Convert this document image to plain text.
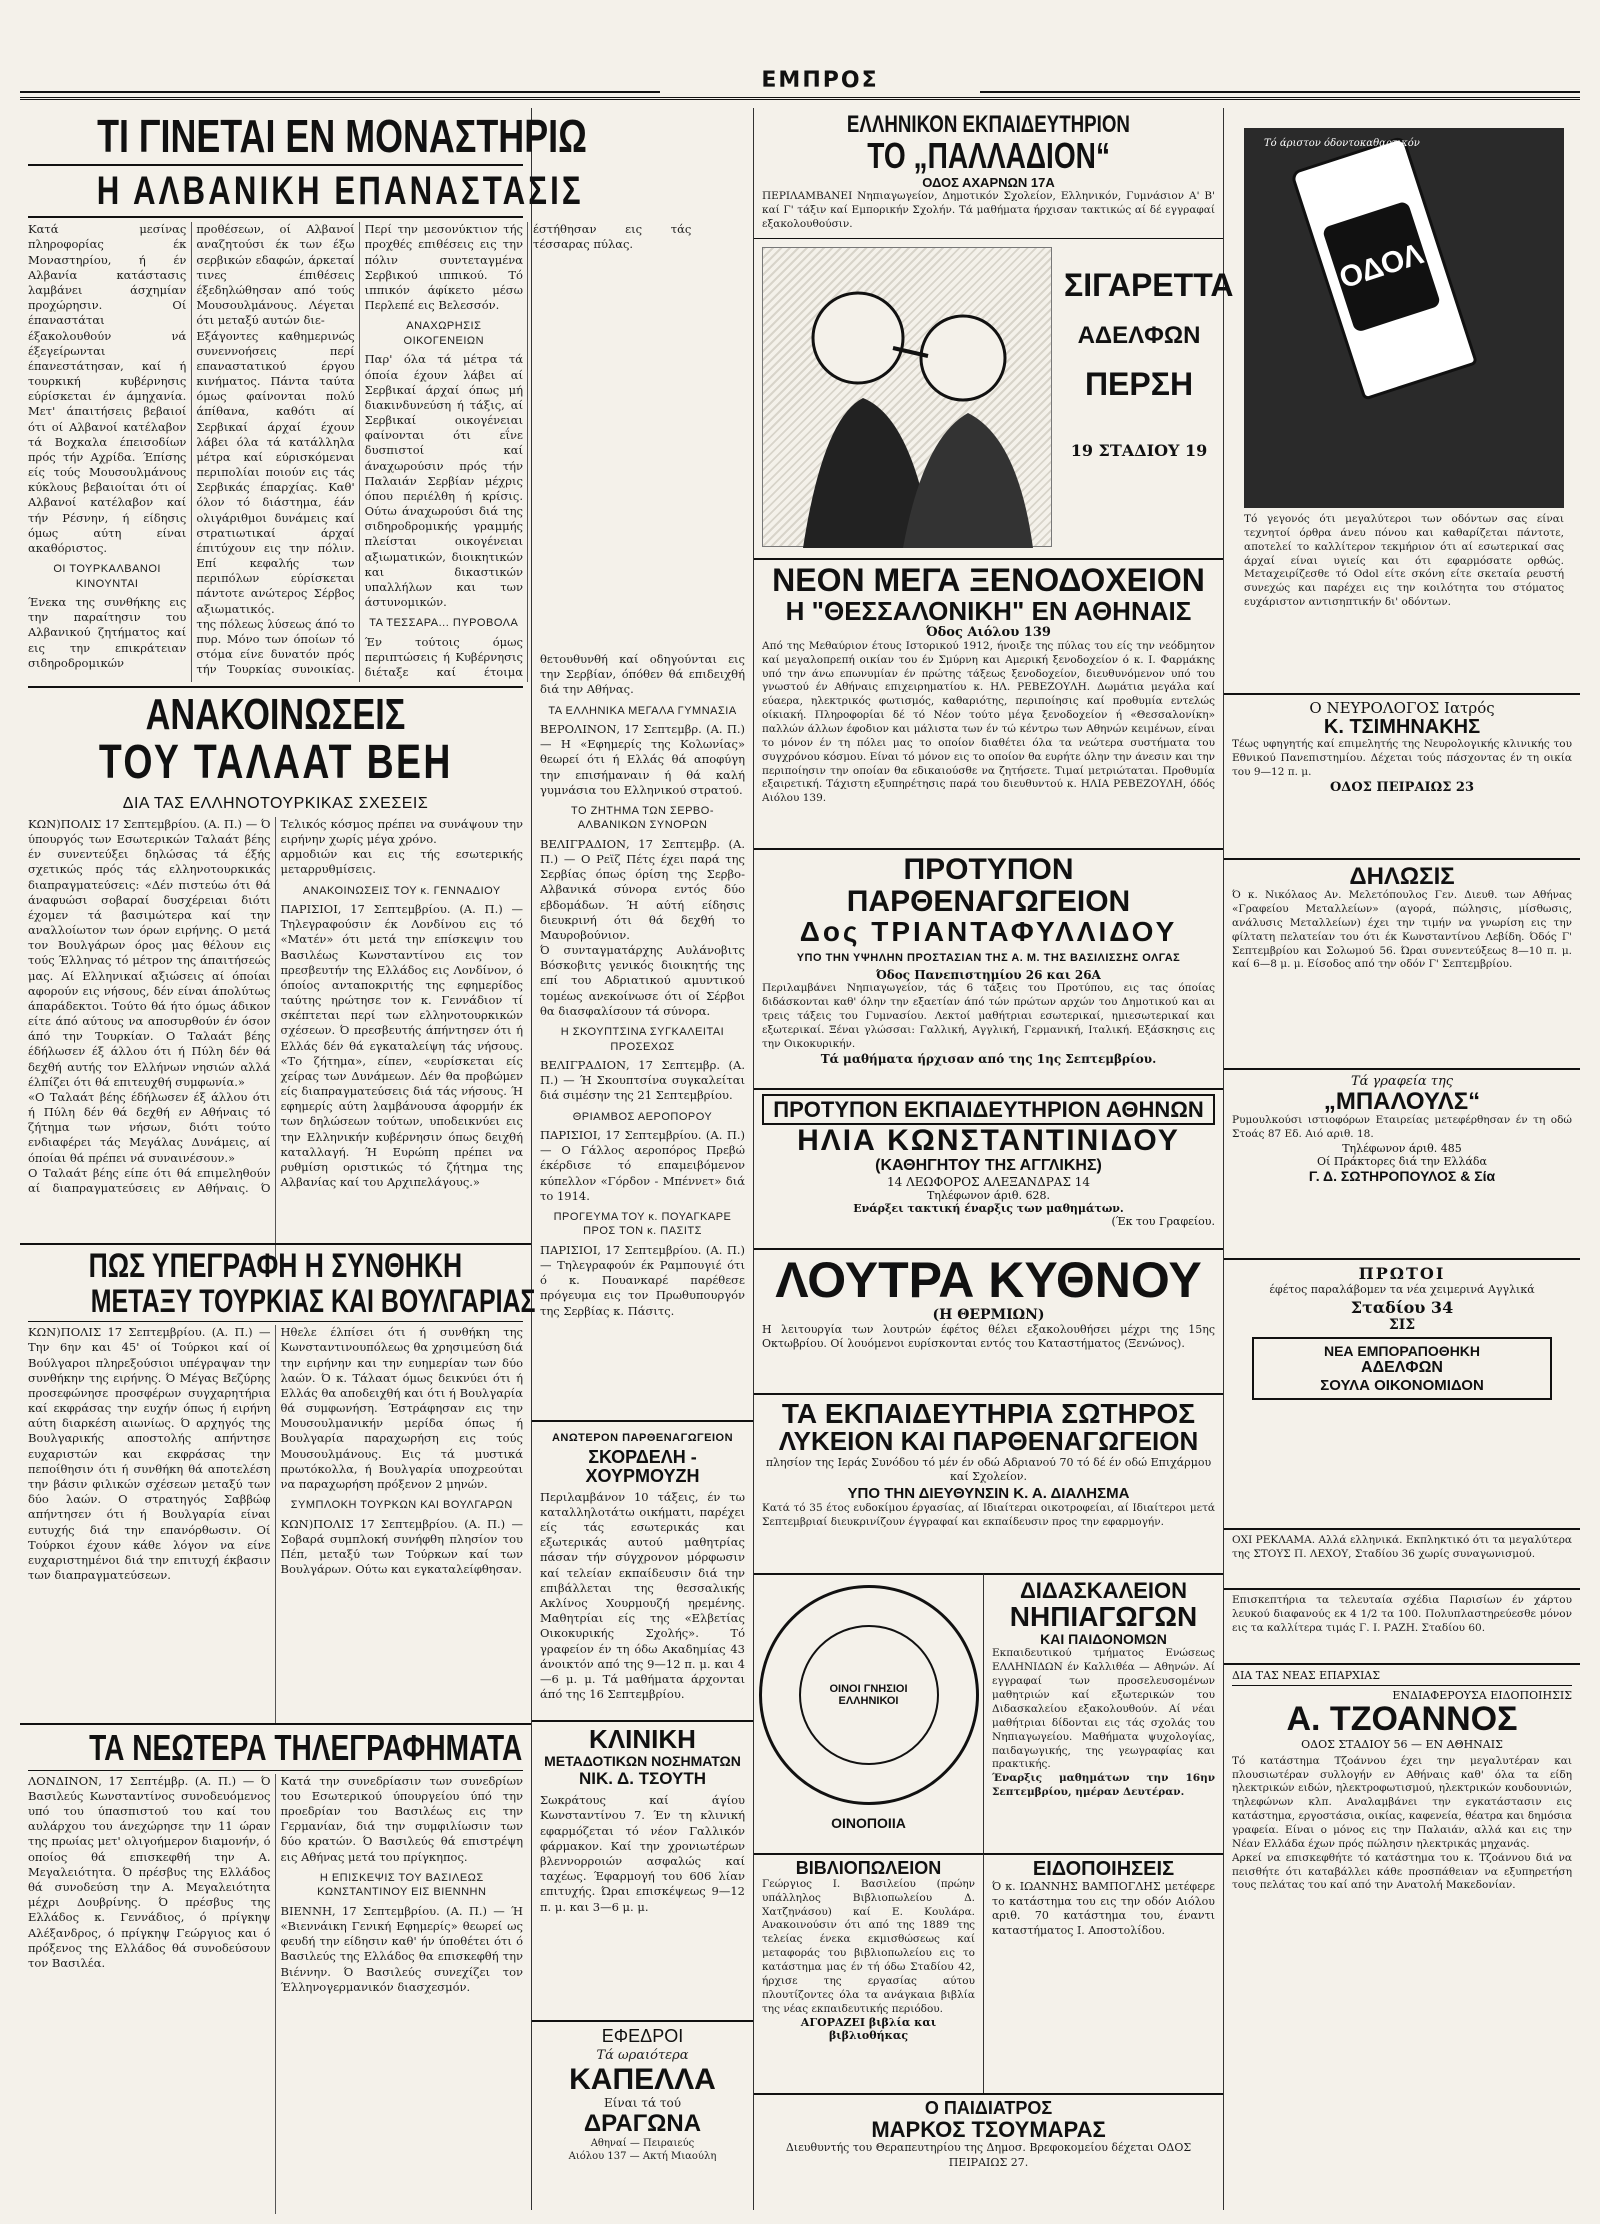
ΕΜΠΡΟΣ
ΤΙ ΓΙΝΕΤΑΙ ΕΝ ΜΟΝΑΣΤΗΡΙΩ
Η ΑΛΒΑΝΙΚΗ ΕΠΑΝΑΣΤΑΣΙΣ

Κατά μεσίνας πληροφορίας έκ Μοναστηρίου, ή έν Αλβανία κατάστασις λαμβάνει άσχημίαν προχώρησιν. Οί έπαναστάται έξακολουθούν νά έξεγείρωνται έπανεστάτησαν, καί ή τουρκική κυβέρνησις εύρίσκεται έν άμηχανία. Μετ' άπαιτήσεις βεβαιοί ότι οί Αλβανοί κατέλαβον τά Βοχκαλα έπεισοδίων πρός τήν Αχρίδα. Έπίσης είς τούς Μουσουλμάνους κύκλους βεβαιοίται ότι οί Αλβανοί κατέλαβον καί τήν Ρέσνην, ή είδησις όμως αύτη είναι ακαθόριστος.

ΟΙ ΤΟΥΡΚΑΛΒΑΝΟΙ ΚΙΝΟΥΝΤΑΙ

Ένεκα της συνθήκης εις την παραίτησιν του Αλβανικού ζητήματος καί εις την επικράτειαν σιδηροδρομικών προθέσεων, οί Αλβανοί αναζητούσι έκ των έξω σερβικών εδαφών, άρκεταί τινες έπιθέσεις έξεδηλώθησαν από τούς Μουσουλμάνους. Λέγεται ότι μεταξύ αυτών διε-

Εξάγοντες καθημερινώς συνεννοήσεις περί επαναστατικού έργου κινήματος. Πάντα ταύτα όμως φαίνονται πολύ άπίθανα, καθότι αί Σερβικαί άρχαί έχουν λάβει όλα τά κατάλληλα μέτρα καί εύρισκόμεναι περιπολίαι ποιούν εις τάς Σερβικάς έπαρχίας. Καθ' όλον τό διάστημα, έάν ολιγάριθμοι δυνάμεις καί στρατιωτικαί άρχαί έπιτύχουν εις την πόλιν. Επί κεφαλής των περιπόλων εύρίσκεται πάντοτε ανώτερος Σέρβος αξιωματικός.

της πόλεως λύσεως άπό το πυρ. Μόνο των όποίων τό στόμα είνε δυνατόν πρός τήν Τουρκίας συνοικίας. Περί την μεσονύκτιον τής προχθές επιθέσεις εις την πόλιν συντεταγμένα Σερβικού ιππικού. Τό ιππικόν άφίκετο μέσω Περλεπέ εις Βελεσσόν.

ΑΝΑΧΩΡΗΣΙΣ ΟΙΚΟΓΕΝΕΙΩΝ

Παρ' όλα τά μέτρα τά όποία έχουν λάβει αί Σερβικαί άρχαί όπως μή διακινδυνεύση ή τάξις, αί Σερβικαί οικογένειαι φαίνονται ότι εΐνε δυσπιστοί καί άναχωρούσιν πρός τήν Παλαιάν Σερβίαν μέχρις όπου περιέλθη ή κρίσις. Ούτω άναχωρούσι διά της σιδηροδρομικής γραμμής πλείσται οικογένειαι αξιωματικών, διοικητικών και δικαστικών υπαλλήλων και των άστυνομικών.

ΤΑ ΤΕΣΣΑΡΑ... ΠΥΡΟΒΟΛΑ

Έν τούτοις όμως περιπτώσεις ή Κυβέρνησις διέταξε καί έτοιμα έστήθησαν εις τάς τέσσαρας πύλας.

ΑΝΑΚΟΙΝΩΣΕΙΣ
ΤΟΥ ΤΑΛΑΑΤ ΒΕΗ
ΔΙΑ ΤΑΣ ΕΛΛΗΝΟΤΟΥΡΚΙΚΑΣ ΣΧΕΣΕΙΣ

ΚΩΝ)ΠΟΛΙΣ 17 Σεπτεμβρίου. (Α. Π.) — Ό ύπουργός των Εσωτερικών Ταλαάτ βέης έν συνεντεύξει δηλώσας τά έξής σχετικώς πρός τάς ελληνοτουρκικάς διαπραγματεύσεις: «Δέν πιστεύω ότι θά άναφυώσι σοβαραί δυσχέρειαι διότι έχομεν τά βασιμώτερα καί την αναλλοίωτον των όρων ειρήνης. Ο μετά τον Βουλγάρων όρος μας θέλουν εις τούς Έλληνας τό μέτρον της άπαιτήσεώς μας. Αί Ελληνικαί αξιώσεις αί όποίαι αφορούν εις νήσους, δέν είναι άπολύτως άπαράδεκτοι. Τούτο θά ήτο όμως άδικον είτε άπό αύτους να αποσυρθούν έν όσον άπό την Τουρκίαν. Ο Ταλαάτ βέης έδήλωσεν έξ άλλου ότι ή Πύλη δέν θά δεχθή αυτής τον Ελλήνων νησιών αλλά έλπίζει ότι θά επιτευχθή συμφωνία.»

«Ο Ταλαάτ βέης έδήλωσεν έξ άλλου ότι ή Πύλη δέν θά δεχθή εν Αθήναις τό ζήτημα των νήσων, διότι τούτο ενδιαφέρει τάς Μεγάλας Δυνάμεις, αί όποίαι θά πρέπει νά συναινέσουν.»

Ο Ταλαάτ βέης είπε ότι θά επιμεληθούν αί διαπραγματεύσεις εν Αθήναις. Ό Τελικός κόσμος πρέπει να συνάψουν την ειρήνην χωρίς μέγα χρόνο.

αρμοδιών και εις τής εσωτερικής μεταρρυθμίσεις.

ΑΝΑΚΟΙΝΩΣΕΙΣ ΤΟΥ κ. ΓΕΝΝΑΔΙΟΥ

ΠΑΡΙΣΙΟΙ, 17 Σεπτεμβρίου. (Α. Π.) — Τηλεγραφούσιν έκ Λονδίνου εις τό «Ματέν» ότι μετά την επίσκεψιν του Βασιλέως Κωνσταντίνου εις τον πρεσβευτήν της Ελλάδος εις Λονδίνον, ό όποίος ανταποκριτής της εφημερίδος ταύτης ηρώτησε τον κ. Γεννάδιον τί σκέπτεται περί των ελληνοτουρκικών σχέσεων. Ό πρεσβευτής άπήντησεν ότι ή Ελλάς δέν θά εγκαταλείψη τάς νήσους. «Το ζήτημα», είπεν, «ευρίσκεται είς χείρας των Δυνάμεων. Δέν θα προβώμεν είς διαπραγματεύσεις διά τάς νήσους. Ή εφημερίς αύτη λαμβάνουσα άφορμήν έκ των δηλώσεων τούτων, υποδεικνύει εις την Ελληνικήν κυβέρνησιν όπως δειχθή καταλλαγή. Ή Ευρώπη πρέπει να ρυθμίση οριστικώς τό ζήτημα της Αλβανίας καί του Αρχιπελάγους.»

ΠΩΣ ΥΠΕΓΡΑΦΗ Η ΣΥΝΘΗΚΗ
ΜΕΤΑΞΥ ΤΟΥΡΚΙΑΣ ΚΑΙ ΒΟΥΛΓΑΡΙΑΣ

ΚΩΝ)ΠΟΛΙΣ 17 Σεπτεμβρίου. (Α. Π.) — Την 6ην και 45' οί Τούρκοι καί οί Βούλγαροι πληρεξούσιοι υπέγραψαν την συνθήκην της ειρήνης. Ό Μέγας Βεζύρης προσεφώνησε προσφέρων συγχαρητήρια καί εκφράσας την ευχήν όπως ή ειρήνη αύτη διαρκέση αιωνίως. Ό αρχηγός της Βουλγαρικής αποστολής απήντησε ευχαριστών και εκφράσας την πεποίθησιν ότι ή συνθήκη θά αποτελέση την βάσιν φιλικών σχέσεων μεταξύ των δύο λαών. Ο στρατηγός Σαββώφ απήντησεν ότι ή Βουλγαρία είναι ευτυχής διά την επανόρθωσιν. Οί Τούρκοι έχουν κάθε λόγον να είνε ευχαριστημένοι διά την επιτυχή έκβασιν των διαπραγματεύσεων.

Ηθελε έλπίσει ότι ή συνθήκη της Κωνσταντινουπόλεως θα χρησιμεύση διά την ειρήνην και την ευημερίαν των δύο λαών. Ό κ. Τάλαατ όμως δεικνύει ότι ή Ελλάς θα αποδειχθή και ότι ή Βουλγαρία θά συμφωνήση. Έστράφησαν εις την Μουσουλμανικήν μερίδα όπως ή Βουλγαρία παραχωρήση εις τούς Μουσουλμάνους. Εις τά μυστικά πρωτόκολλα, ή Βουλγαρία υποχρεούται να παραχωρήση πρόξενον 2 μηνών.

ΣΥΜΠΛΟΚΗ ΤΟΥΡΚΩΝ ΚΑΙ ΒΟΥΛΓΑΡΩΝ

ΚΩΝ)ΠΟΛΙΣ 17 Σεπτεμβρίου. (Α. Π.) — Σοβαρά συμπλοκή συνήφθη πλησίον του Πέπ, μεταξύ των Τούρκων καί των Βουλγάρων. Ούτω και εγκαταλείφθησαν.

ΤΑ ΝΕΩΤΕΡΑ ΤΗΛΕΓΡΑΦΗΜΑΤΑ

ΛΟΝΔΙΝΟΝ, 17 Σεπτέμβρ. (Α. Π.) — Ό Βασιλεύς Κωνσταντίνος συνοδευόμενος υπό του ύπασπιστού του καί του αυλάρχου του άνεχώρησε την 11 ώραν της πρωίας μετ' ολιγοήμερον διαμονήν, ό οποίος θά επισκεφθή την Α. Μεγαλειότητα. Ό πρέσβυς της Ελλάδος θά συνοδεύση την Α. Μεγαλειότητα μέχρι Δουβρίνης. Ό πρέσβυς της Ελλάδος κ. Γεννάδιος, ό πρίγκηψ Αλέξανδρος, ό πρίγκηψ Γεώργιος και ό πρόξενος της Ελλάδος θά συνοδεύσουν τον Βασιλέα.

Κατά την συνεδρίασιν των συνεδρίων του Εσωτερικού ύπουργείου ύπό την προεδρίαν του Βασιλέως εις την Γερμανίαν, διά την συμφιλίωσιν των δύο κρατών. Ό Βασιλεύς θά επιστρέψη εις Αθήνας μετά του πρίγκηπος.

Η ΕΠΙΣΚΕΨΙΣ ΤΟΥ ΒΑΣΙΛΕΩΣ ΚΩΝΣΤΑΝΤΙΝΟΥ ΕΙΣ ΒΙΕΝΝΗΝ

ΒΙΕΝΝΗ, 17 Σεπτεμβρίου. (Α. Π.) — Ή «Βιεννάικη Γενική Εφημερίς» θεωρεί ως φευδή την είδησιν καθ' ήν ύποθέτει ότι ό Βασιλεύς της Ελλάδος θα επισκεφθή την Βιέννην. Ό Βασιλεύς συνεχίζει τον Έλληνογερμανικόν διασχεσμόν.

θετουθυνθή καί οδηγούνται εις την Σερβίαν, όπόθεν θά επιδειχθή διά την Αθήνας.

ΤΑ ΕΛΛΗΝΙΚΑ ΜΕΓΑΛΑ ΓΥΜΝΑΣΙΑ

ΒΕΡΟΛΙΝΟΝ, 17 Σεπτεμβρ. (Α. Π.) — Η «Εφημερίς της Κολωνίας» θεωρεί ότι ή Ελλάς θά αποφύγη την επισήμαναιν ή θά καλή γυμνάσια του Ελληνικού στρατού.

ΤΟ ΖΗΤΗΜΑ ΤΩΝ ΣΕΡΒΟ-ΑΛΒΑΝΙΚΩΝ ΣΥΝΟΡΩΝ

ΒΕΛΙΓΡΑΔΙΟΝ, 17 Σεπτεμβρ. (Α. Π.) — Ο Ρεϊζ Πέτς έχει παρά της Σερβίας όπως όρίση της Σερβο-Αλβανικά σύνορα εντός δύο εβδομάδων. Ή αύτή είδησις διευκρινή ότι θά δεχθή το Μαυροβούνιον.

Ό συνταγματάρχης Αυλάνοβιτς Βόσκοβιτς γενικός διοικητής της επί του Αδριατικού αμυντικού τομέως ανεκοίνωσε ότι οί Σέρβοι θα διασφαλίσουν τά σύνορα.

Η ΣΚΟΥΠΤΣΙΝΑ ΣΥΓΚΑΛΕΙΤΑΙ ΠΡΟΣΕΧΩΣ

ΒΕΛΙΓΡΑΔΙΟΝ, 17 Σεπτεμβρ. (Α. Π.) — Ή Σκουπτσίνα συγκαλείται διά σιμέσην της 21 Σεπτεμβρίου.

ΘΡΙΑΜΒΟΣ ΑΕΡΟΠΟΡΟΥ

ΠΑΡΙΣΙΟΙ, 17 Σεπτεμβρίου. (Α. Π.) — Ο Γάλλος αεροπόρος Πρεβώ έκέρδισε τό επαμειβόμενον κύπελλον «Γόρδον - Μπέννετ» διά το 1914.

ΠΡΟΓΕΥΜΑ ΤΟΥ κ. ΠΟΥΑΓΚΑΡΕ ΠΡΟΣ ΤΟΝ κ. ΠΑΣΙΤΣ

ΠΑΡΙΣΙΟΙ, 17 Σεπτεμβρίου. (Α. Π.) — Τηλεγραφούν έκ Ραμπουγιέ ότι ό κ. Πουανκαρέ παρέθεσε πρόγευμα εις τον Πρωθυπουργόν της Σερβίας κ. Πάσιτς.

ΑΝΩΤΕΡΟΝ ΠΑΡΘΕΝΑΓΩΓΕΙΟΝ
ΣΚΟΡΔΕΛΗ - ΧΟΥΡΜΟΥΖΗ
Περιλαμβάνον 10 τάξεις, έν τω καταλληλοτάτω οικήματι, παρέχει είς τάς εσωτερικάς και εξωτερικάς αυτού μαθητρίας πάσαν τήν σύγχρονον μόρφωσιν καί τελείαν εκπαίδευσιν διά την επιβάλλεται της θεσσαλικής Ακλίνος Χουρμουζή ηρεμένης. Μαθητρίαι είς της «Ελβετίας Οικοκυρικής Σχολής». Τό γραφείον έν τη όδω Ακαδημίας 43 άνοικτόν από της 9—12 π. μ. και 4—6 μ. μ. Τά μαθήματα άρχονται άπό της 16 Σεπτεμβρίου.
ΚΛΙΝΙΚΗ
ΜΕΤΑΔΟΤΙΚΩΝ ΝΟΣΗΜΑΤΩΝ
ΝΙΚ. Δ. ΤΣΟΥΤΗ
Σωκράτους καί άγίου Κωνσταντίνου 7. Έν τη κλινική εφαρμόζεται τό νέον Γαλλικόν φάρμακον. Καί την χρονιωτέρων βλεννορροιών ασφαλώς καί ταχέως. Έφαρμογή του 606 λίαν επιτυχής. Ώραι επισκέψεως 9—12 π. μ. και 3—6 μ. μ.
ΕΦΕΔΡΟΙ
Τά ωραιότερα
ΚΑΠΕΛΛΑ
Είναι τά τού
ΔΡΑΓΩΝΑ
Αθηναί — Πειραιεύς
Αιόλου 137 — Ακτή Μιαούλη
ΕΛΛΗΝΙΚΟΝ ΕΚΠΑΙΔΕΥΤΗΡΙΟΝ
ΤΟ „ΠΑΛΛΑΔΙΟΝ“
ΟΔΟΣ ΑΧΑΡΝΩΝ 17Α
ΠΕΡΙΛΑΜΒΑΝΕΙ Νηπιαγωγείον, Δημοτικόν Σχολείον, Ελληνικόν, Γυμνάσιον Α' Β' καί Γ' τάξιν καί Εμπορικήν Σχολήν. Τά μαθήματα ήρχισαν τακτικώς αί δέ εγγραφαί εξακολουθούσιν.
ΣΙΓΑΡΕΤΤΑ
ΑΔΕΛΦΩΝ
ΠΕΡΣΗ
19 ΣΤΑΔΙΟΥ 19
ΝΕΟΝ ΜΕΓΑ ΞΕΝΟΔΟΧΕΙΟΝ
Η "ΘΕΣΣΑΛΟΝΙΚΗ" ΕΝ ΑΘΗΝΑΙΣ
Όδος Αιόλου 139
Από της Μεθαύριον έτους Ιστορικού 1912, ήνοιξε της πύλας του είς την νεόδμητον καί μεγαλοπρεπή οικίαν του έν Σμύρνη και Αμερική ξενοδοχείον ό κ. Ι. Φαρμάκης υπό την άνω επωνυμίαν έν πρώτης τάξεως ξενοδοχείον, διευθυνόμενον υπό του γνωστού έν Αθήναις επιχειρηματίου κ. ΗΛ. ΡΕΒΕΖΟΥΛΗ. Δωμάτια μεγάλα καί εύαερα, ηλεκτρικός φωτισμός, καθαριότης, περιποίησις καί προθυμία εντελώς οίκιακή. Πληροφορίαι δέ τό Νέον τούτο μέγα ξενοδοχείον ή «Θεσσαλονίκη» παλλών άλλων έφοδιον και μάλιστα των έν τώ κέντρω των Αθηνών κειμένων, είναι το μόνον έν τη πόλει μας το οποίον διαθέτει όλα τα νεώτερα συστήματα του συγχρόνου κόσμου. Είναι τό μόνον εις το οποίον θα ευρήτε όλην την άνεσιν και την περιποίησιν την οποίαν θα εδικαιούσθε να ζητήσετε. Τιμαί μετριώταται. Προθυμία εξαιρετική. Τάχιστη εξυπηρέτησις παρά του διευθυντού κ. ΗΛΙΑ ΡΕΒΕΖΟΥΛΗ, όδός Αιόλου 139.
ΠΡΟΤΥΠΟΝ ΠΑΡΘΕΝΑΓΩΓΕΙΟΝ
Δος ΤΡΙΑΝΤΑΦΥΛΛΙΔΟΥ
ΥΠΟ ΤΗΝ ΥΨΗΛΗΝ ΠΡΟΣΤΑΣΙΑΝ ΤΗΣ Α. Μ. ΤΗΣ ΒΑΣΙΛΙΣΣΗΣ ΟΛΓΑΣ
Όδος Πανεπιστημίου 26 και 26Α
Περιλαμβάνει Νηπιαγωγείον, τάς 6 τάξεις του Προτύπου, εις τας όποίας διδάσκονται καθ' όλην την εξαετίαν άπό τών πρώτων αρχών του Δημοτικού και αι τρεις τάξεις του Γυμνασίου. Λεκτοί μαθήτριαι εσωτερικαί, ημιεσωτερικαί και εξωτερικαί. Ξέναι γλώσσαι: Γαλλική, Αγγλική, Γερμανική, Ιταλική. Εξάσκησις εις την Οικοκυρικήν.
Τά μαθήματα ήρχισαν από της 1ης Σεπτεμβρίου.
ΠΡΟΤΥΠΟΝ ΕΚΠΑΙΔΕΥΤΗΡΙΟΝ ΑΘΗΝΩΝ
ΗΛΙΑ ΚΩΝΣΤΑΝΤΙΝΙΔΟΥ
(ΚΑΘΗΓΗΤΟΥ ΤΗΣ ΑΓΓΛΙΚΗΣ)
14 ΛΕΩΦΟΡΟΣ ΑΛΕΞΑΝΔΡΑΣ 14
Τηλέφωνον άριθ. 628.
Ενάρξει τακτική έναρξις των μαθημάτων.
(Έκ του Γραφείου.
ΛΟΥΤΡΑ ΚΥΘΝΟΥ
(Η ΘΕΡΜΙΩΝ)
Η λειτουργία των λουτρών έφέτος θέλει εξακολουθήσει μέχρι της 15ης Οκτωβρίου. Οί λουόμενοι ευρίσκονται εντός του Καταστήματος (Ξενώνος).
ΤΑ ΕΚΠΑΙΔΕΥΤΗΡΙΑ ΣΩΤΗΡΟΣ
ΛΥΚΕΙΟΝ ΚΑΙ ΠΑΡΘΕΝΑΓΩΓΕΙΟΝ
πλησίον της Ιεράς Συνόδου τό μέν έν οδώ Αδριανού 70 τό δέ έν οδώ Επιχάρμου καί Σχολείον.
ΥΠΟ ΤΗΝ ΔΙΕΥΘΥΝΣΙΝ Κ. Α. ΔΙΑΛΗΣΜΑ
Κατά τό 35 έτος ευδοκίμου έργασίας, αί Ιδιαίτεραι οικοτροφείαι, αί Ιδιαίτεροι μετά Σεπτεμβριαί διευκρινίζουν έγγραφαί και εκπαίδευσιν προς την εφαρμογήν.
ΟΙΝΟΙ ΓΝΗΣΙΟΙ ΕΛΛΗΝΙΚΟΙ
ΟΙΝΟΠΟΙΙΑ
ΔΙΔΑΣΚΑΛΕΙΟΝ
ΝΗΠΙΑΓΩΓΩΝ
ΚΑΙ ΠΑΙΔΟΝΟΜΩΝ
Εκπαιδευτικού τμήματος Ενώσεως ΕΛΛΗΝΙΔΩΝ έν Καλλιθέα — Αθηνών. Αί εγγραφαί των προσελευσομένων μαθητριών καί εξωτερικών του Διδασκαλείου εξακολουθούν. Αί νέαι μαθήτριαι δίδονται εις τάς σχολάς του Νηπιαγωγείου. Μαθήματα ψυχολογίας, παιδαγωγικής, της γεωγραφίας και πρακτικής.
Έναρξις μαθημάτων την 16ην Σεπτεμβρίου, ημέραν Δευτέραν.
ΒΙΒΛΙΟΠΩΛΕΙΟΝ
Γεώργιος Ι. Βασιλείου (πρώην υπάλληλος Βιβλιοπωλείου Δ. Χατζηνάσου) καί Ε. Κουλάρα. Ανακοινούσιν ότι από της 1889 της τελείας ένεκα εκμισθώσεως καί μεταφοράς του βιβλιοπωλείου εις το κατάστημα μας έν τή όδω Σταδίου 42, ήρχισε της εργασίας αύτου πλουτίζοντες όλα τα ανάγκαια βιβλία της νέας εκπαιδευτικής περιόδου.
ΑΓΟΡΑΖΕΙ βιβλία και βιβλιοθήκας
ΕΙΔΟΠΟΙΗΣΕΙΣ
Ό κ. ΙΩΑΝΝΗΣ ΒΑΜΠΟΓΛΗΣ μετέφερε το κατάστημα του εις την οδόν Αιόλου αριθ. 70 κατάστημα του, έναντι καταστήματος Ι. Αποστολίδου.
Ο ΠΑΙΔΙΑΤΡΟΣ
ΜΑΡΚΟΣ ΤΣΟΥΜΑΡΑΣ
Διευθυντής του Θεραπευτηρίου της Δημοσ. Βρεφοκομείου δέχεται ΟΔΟΣ ΠΕΙΡΑΙΩΣ 27.
ΟΔΟΛ
Τό άριστον όδοντοκαθαρτικόν
Τό γεγονός ότι μεγαλύτεροι των οδόντων σας είναι τεχνητοί όρθρα άνευ πόνου και καθαρίζεται πάντοτε, αποτελεί το καλλίτερον τεκμήριον ότι αί εσωτερικαί σας άρχαί είναι υγιείς και ότι εφαρμόσατε ορθώς. Μεταχειρίζεσθε τό Odol είτε σκόνη είτε σκεταία ρευστή συνεχώς και παρέχει εις την κοιλότητα του στόματος ευχάριστον αντισηπτικήν δι' οδόντων.
Ο ΝΕΥΡΟΛΟΓΟΣ Ιατρός
Κ. ΤΣΙΜΗΝΑΚΗΣ
Τέως υφηγητής καί επιμελητής της Νευρολογικής κλινικής του Εθνικού Πανεπιστημίου. Δέχεται τούς πάσχοντας έν τη οικία του 9—12 π. μ.
ΟΔΟΣ ΠΕΙΡΑΙΩΣ 23
ΔΗΛΩΣΙΣ
Ό κ. Νικόλαος Αν. Μελετόπουλος Γεν. Διευθ. των Αθήνας «Γραφείου Μεταλλείων» (αγορά, πώλησις, μίσθωσις, ανάλυσις Μεταλλείων) έχει την τιμήν να γνωρίση εις την φίλτατη πελατείαν του ότι έκ Κωνσταντίνου Λεβίδη. Όδός Γ' Σεπτεμβρίου και Σολωμού 56. Ώραι συνεντεύξεως 8—10 π. μ. καί 6—8 μ. μ. Είσοδος από την οδόν Γ' Σεπτεμβρίου.
Τά γραφεία της
„ΜΠΑΛΟΥΛΣ“
Ρυμουλκούσι ιστιοφόρων Εταιρείας μετεφέρθησαν έν τη οδώ Στοάς 87 Εδ. Αιό αριθ. 18.
Τηλέφωνον άριθ. 485
Οί Πράκτορες διά την Ελλάδα
Γ. Δ. ΣΩΤΗΡΟΠΟΥΛΟΣ & Σία
ΠΡΩΤΟΙ
έφέτος παραλάβομεν τα νέα χειμερινά Αγγλικά
Σταδίου 34
ΣΙΣ
ΝΕΑ ΕΜΠΟΡΑΠΟΘΗΚΗ
ΑΔΕΛΦΩΝ
ΣΟΥΛΑ ΟΙΚΟΝΟΜΙΔΟΝ
ΟΧΙ ΡΕΚΛΑΜΑ. Αλλά ελληνικά. Εκπληκτικό ότι τα μεγαλύτερα της ΣΤΟΥΣ Π. ΛΕΧΟΥ, Σταδίου 36 χωρίς συναγωνισμού.
Επισκεπτήρια τα τελευταία σχέδια Παρισίων έν χάρτου λευκού διαφανούς εκ 4 1/2 τα 100. Πολυπλαστηρεύεσθε μόνον εις τα καλλίτερα τιμάς Γ. Ι. ΡΑΖΗ. Σταδίου 60.
ΔΙΑ ΤΑΣ ΝΕΑΣ ΕΠΑΡΧΙΑΣ
ΕΝΔΙΑΦΕΡΟΥΣΑ ΕΙΔΟΠΟΙΗΣΙΣ
Α. ΤΖΟΑΝΝΟΣ
ΟΔΟΣ ΣΤΑΔΙΟΥ 56 — ΕΝ ΑΘΗΝΑΙΣ
Τό κατάστημα Τζοάννου έχει την μεγαλυτέραν και πλουσιωτέραν συλλογήν εν Αθήναις καθ' όλα τα είδη ηλεκτρικών ειδών, ηλεκτροφωτισμού, ηλεκτρικών κουδουνιών, τηλεφώνων κλπ. Αναλαμβάνει την εγκατάστασιν εις κατάστημα, εργοστάσια, οικίας, καφενεία, θέατρα και δημόσια γραφεία. Είναι ο μόνος εις την Παλαιάν, αλλά και εις την Νέαν Ελλάδα έχων πρός πώλησιν ηλεκτρικάς μηχανάς.
Αρκεί να επισκεφθήτε τό κατάστημα του κ. Τζοάννου διά να πεισθήτε ότι καταβάλλει κάθε προσπάθειαν να εξυπηρετήση τους πελάτας του καί από την Ανατολή Μακεδονίαν.
